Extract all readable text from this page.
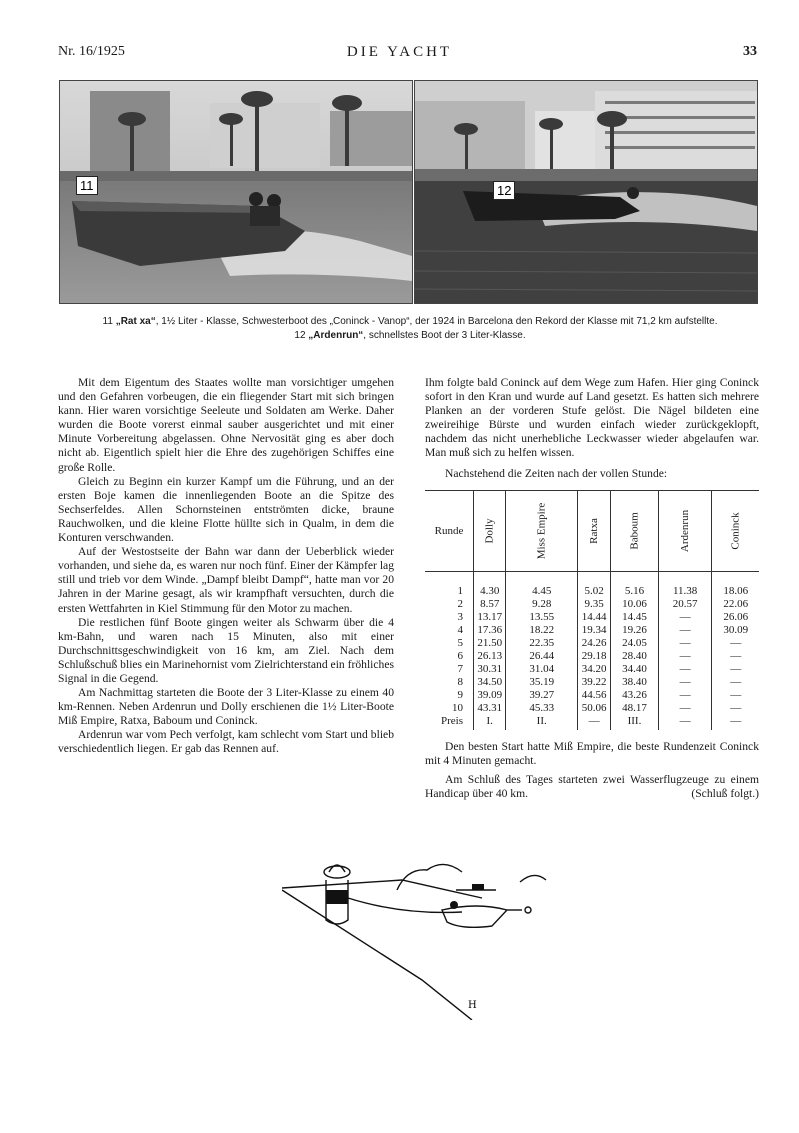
Nr. 16/1925	DIE YACHT	33
11	12
11 „Rat xa“, 1½ Liter - Klasse, Schwesterboot des „Coninck - Vanop“, der 1924 in Barcelona den Rekord der Klasse mit 71,2 km aufstellte.
12 „Ardenrun“, schnellstes Boot der 3 Liter-Klasse.

Mit dem Eigentum des Staates wollte man vorsichtiger umgehen und den Gefahren vorbeugen, die ein fliegender Start mit sich bringen kann. Hier waren vorsichtige Seeleute und Soldaten am Werke. Daher wurden die Boote vorerst einmal sauber ausgerichtet und mit einer Minute Vorbereitung abgelassen. Ohne Nervosität ging es aber doch nicht ab. Eigentlich spielt hier die Ehre des zugehörigen Schiffes eine große Rolle.

Gleich zu Beginn ein kurzer Kampf um die Führung, und an der ersten Boje kamen die innenliegenden Boote an die Spitze des Sechserfeldes. Allen Schornsteinen entströmten dicke, braune Rauchwolken, und die kleine Flotte hüllte sich in Qualm, in dem die Konturen verschwanden.

Auf der Westostseite der Bahn war dann der Ueberblick wieder vorhanden, und siehe da, es waren nur noch fünf. Einer der Kämpfer lag still und trieb vor dem Winde. „Dampf bleibt Dampf“, hatte man vor 20 Jahren in der Marine gesagt, als wir krampfhaft versuchten, durch die ersten Wettfahrten in Kiel Stimmung für den Motor zu machen.

Die restlichen fünf Boote gingen weiter als Schwarm über die 4 km-Bahn, und waren nach 15 Minuten, also mit einer Durchschnittsgeschwindigkeit von 16 km, am Ziel. Nach dem Schlußschuß blies ein Marinehornist vom Zielrichterstand ein fröhliches Signal in die Gegend.

Am Nachmittag starteten die Boote der 3 Liter-Klasse zu einem 40 km-Rennen. Neben Ardenrun und Dolly erschienen die 1½ Liter-Boote Miß Empire, Ratxa, Baboum und Coninck.

Ardenrun war vom Pech verfolgt, kam schlecht vom Start und blieb verschiedentlich liegen. Er gab das Rennen auf.

Ihm folgte bald Coninck auf dem Wege zum Hafen. Hier ging Coninck sofort in den Kran und wurde auf Land gesetzt. Es hatten sich mehrere Planken an der vorderen Stufe gelöst. Die Nägel bildeten eine zweireihige Bürste und wurden einfach wieder zurückgeklopft, nachdem das nicht unerhebliche Leckwasser wieder abgelaufen war. Man muß sich zu helfen wissen.

Nachstehend die Zeiten nach der vollen Stunde:

Runde	Dolly	Miss Empire	Ratxa	Baboum	Ardenrun	Coninck
1	4.30	4.45	5.02	5.16	11.38	18.06
2	8.57	9.28	9.35	10.06	20.57	22.06
3	13.17	13.55	14.44	14.45	—	26.06
4	17.36	18.22	19.34	19.26	—	30.09
5	21.50	22.35	24.26	24.05	—	—
6	26.13	26.44	29.18	28.40	—	—
7	30.31	31.04	34.20	34.40	—	—
8	34.50	35.19	39.22	38.40	—	—
9	39.09	39.27	44.56	43.26	—	—
10	43.31	45.33	50.06	48.17	—	—
Preis	I.	II.	—	III.	—	—

Den besten Start hatte Miß Empire, die beste Rundenzeit Coninck mit 4 Minuten gemacht.

Am Schluß des Tages starteten zwei Wasserflugzeuge zu einem Handicap über 40 km.	(Schluß folgt.)

H
